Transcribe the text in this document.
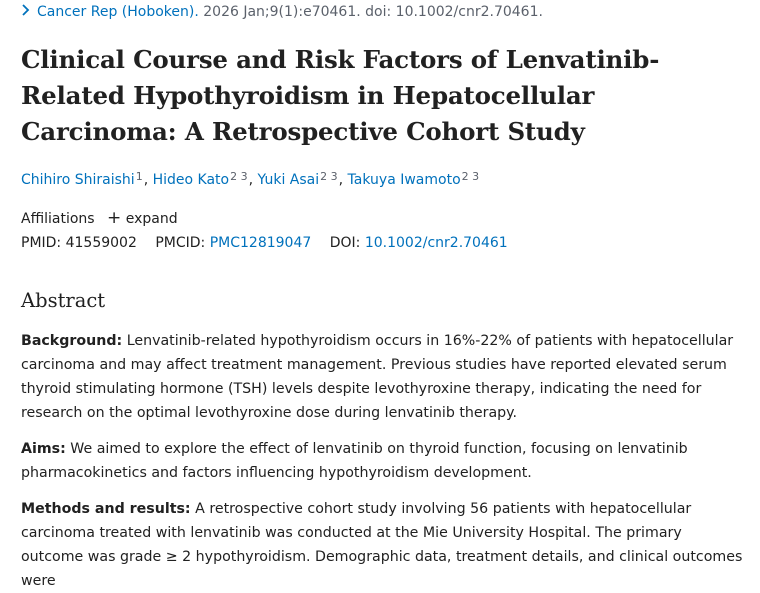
Cancer Rep (Hoboken). 2026 Jan;9(1):e70461. doi: 10.1002/cnr2.70461.
Clinical Course and Risk Factors of Lenvatinib-Related Hypothyroidism in Hepatocellular Carcinoma: A Retrospective Cohort Study
Chihiro Shiraishi$^1$, Hideo Kato$^{2 3}$, Yuki Asai$^{2 3}$, Takuya Iwamoto$^{2 3}$
Affiliations + expand
PMID: 41559002 PMCID: PMC12819047 DOI: 10.1002/cnr2.70461
Abstract

Background: Lenvatinib-related hypothyroidism occurs in 16%-22% of patients with hepatocellular carcinoma and may affect treatment management. Previous studies have reported elevated serum thyroid stimulating hormone (TSH) levels despite levothyroxine therapy, indicating the need for research on the optimal levothyroxine dose during lenvatinib therapy.

Aims: We aimed to explore the effect of lenvatinib on thyroid function, focusing on lenvatinib pharmacokinetics and factors influencing hypothyroidism development.

Methods and results: A retrospective cohort study involving 56 patients with hepatocellular carcinoma treated with lenvatinib was conducted at the Mie University Hospital. The primary outcome was grade ≥ 2 hypothyroidism. Demographic data, treatment details, and clinical outcomes were
